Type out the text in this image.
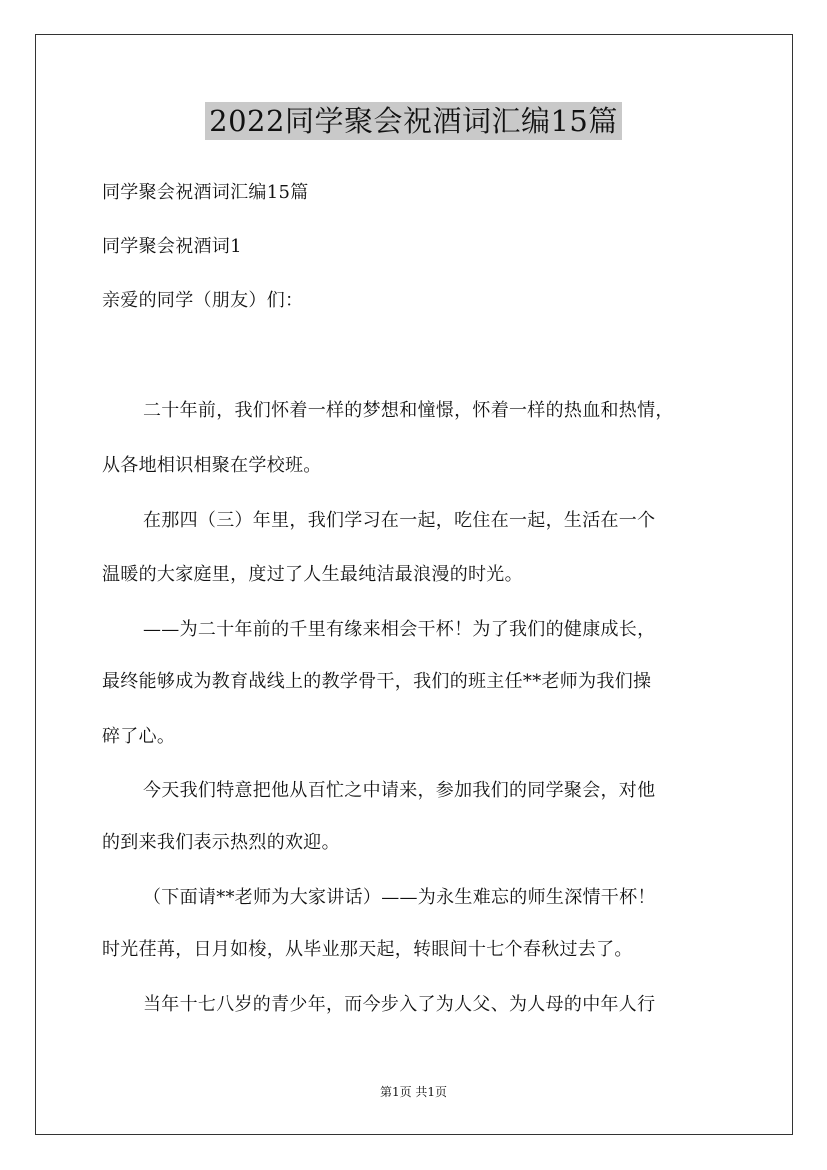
2022同学聚会祝酒词汇编15篇
同学聚会祝酒词汇编15篇
同学聚会祝酒词1
亲爱的同学（朋友）们：
二十年前，我们怀着一样的梦想和憧憬，怀着一样的热血和热情，
从各地相识相聚在学校班。
在那四（三）年里，我们学习在一起，吃住在一起，生活在一个
温暖的大家庭里，度过了人生最纯洁最浪漫的时光。
——为二十年前的千里有缘来相会干杯！为了我们的健康成长，
最终能够成为教育战线上的教学骨干，我们的班主任**老师为我们操
碎了心。
今天我们特意把他从百忙之中请来，参加我们的同学聚会，对他
的到来我们表示热烈的欢迎。
（下面请**老师为大家讲话）——为永生难忘的师生深情干杯！
时光荏苒，日月如梭，从毕业那天起，转眼间十七个春秋过去了。
当年十七八岁的青少年，而今步入了为人父、为人母的中年人行
第1页 共1页
